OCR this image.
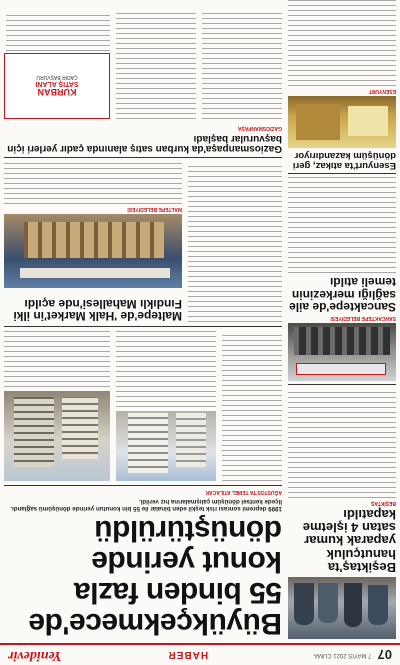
07
7 MAYIS 2021 CUMA
HABER
Yenidevir
Beşiktaş'ta hanutçuluk yaparak kumar satan 4 işletme kapatıldı
BEŞİKTAŞ
SANCAKTEPE BELEDİYESİ
Sancaktepe'de aile sağlığı merkezinin temeli atıldı
Esenyurt'ta atıkaz, geri dönüşüm kazandırıyor
ESENYURT
Büyükçekmece'de 55 binden fazla konut yerinde dönüştürüldü
1999 depremi sonrası risk teşkil eden binalar ile 55 bin konutun yerinde dönüşümü sağlandı. İlçede kentsel dönüşüm çalışmalarına hız verildi.
AĞUSTOS'TA TEMEL ATILACAK
Maltepe'de 'Halk Market'in ilki Fındıklı Mahallesi'nde açıldı
MALTEPE BELEDİYESİ
Gaziosmanpaşa'da kurban satış alanında çadır yerleri için başvurular başladı
GAZİOSMANPAŞA
KURBAN
SATIŞ ALANI
ÇADIR BAŞVURU
